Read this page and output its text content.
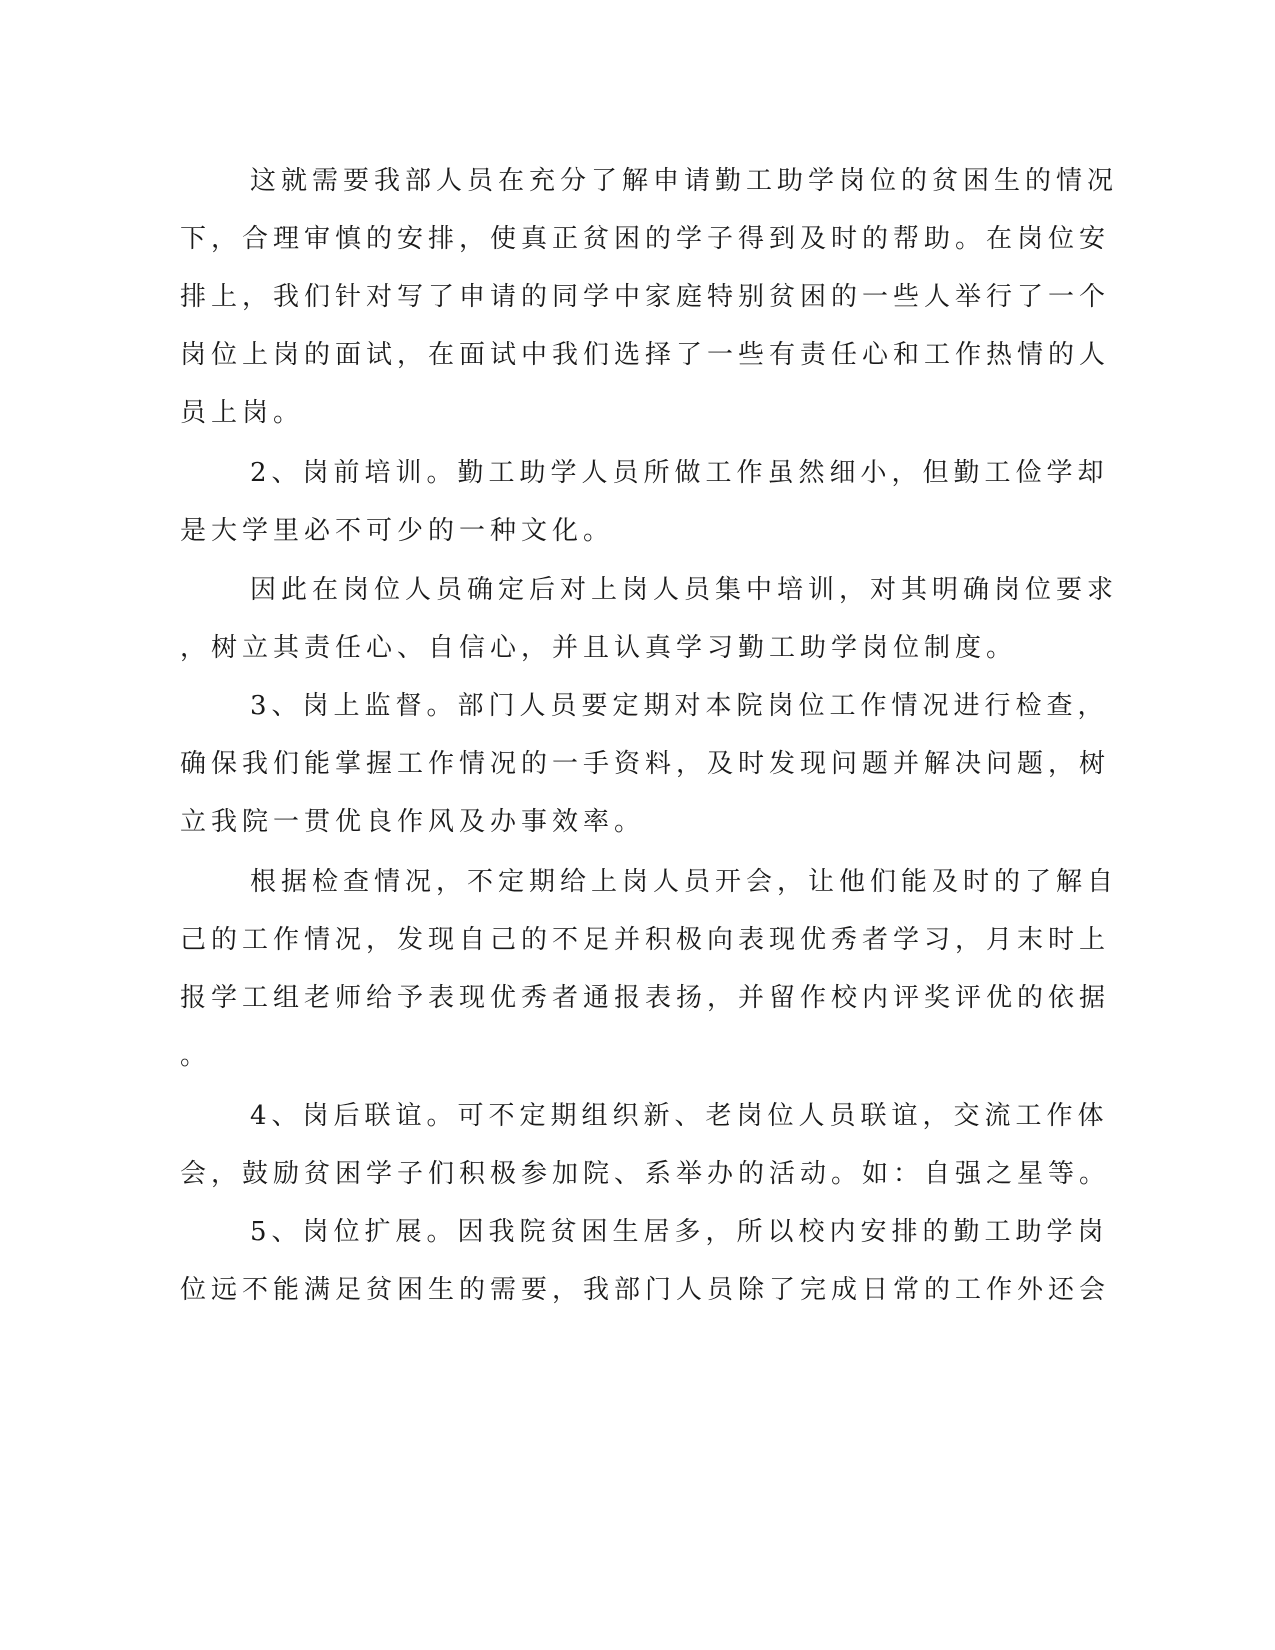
这就需要我部人员在充分了解申请勤工助学岗位的贫困生的情况
下，合理审慎的安排，使真正贫困的学子得到及时的帮助。在岗位安
排上，我们针对写了申请的同学中家庭特别贫困的一些人举行了一个
岗位上岗的面试，在面试中我们选择了一些有责任心和工作热情的人
员上岗。
2、岗前培训。勤工助学人员所做工作虽然细小，但勤工俭学却
是大学里必不可少的一种文化。
因此在岗位人员确定后对上岗人员集中培训，对其明确岗位要求
，树立其责任心、自信心，并且认真学习勤工助学岗位制度。
3、岗上监督。部门人员要定期对本院岗位工作情况进行检查，
确保我们能掌握工作情况的一手资料，及时发现问题并解决问题，树
立我院一贯优良作风及办事效率。
根据检查情况，不定期给上岗人员开会，让他们能及时的了解自
己的工作情况，发现自己的不足并积极向表现优秀者学习，月末时上
报学工组老师给予表现优秀者通报表扬，并留作校内评奖评优的依据
。
4、岗后联谊。可不定期组织新、老岗位人员联谊，交流工作体
会，鼓励贫困学子们积极参加院、系举办的活动。如：自强之星等。
5、岗位扩展。因我院贫困生居多，所以校内安排的勤工助学岗
位远不能满足贫困生的需要，我部门人员除了完成日常的工作外还会
